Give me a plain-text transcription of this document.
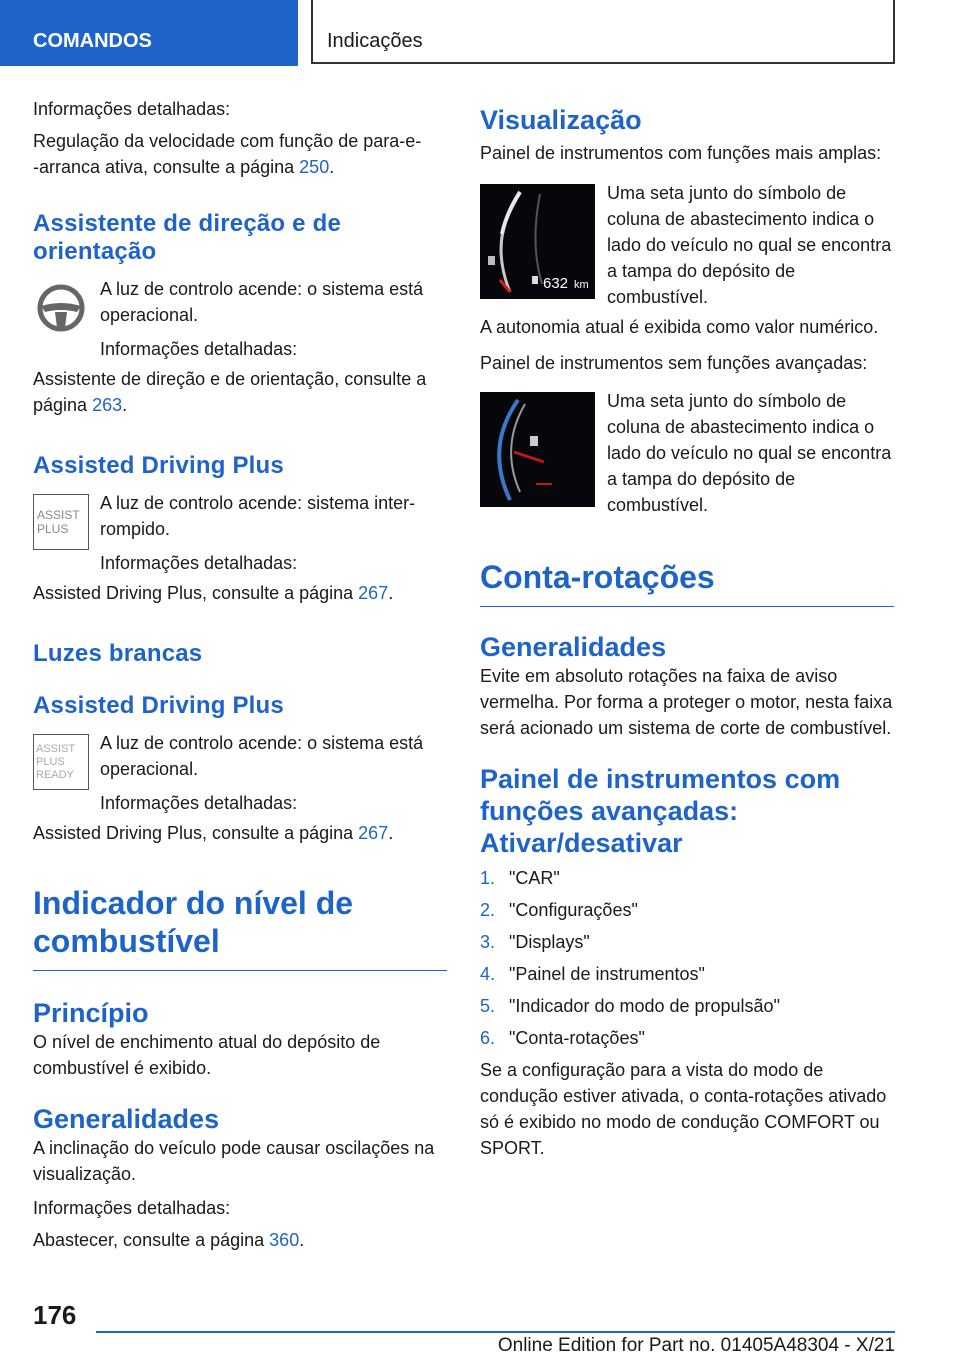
COMANDOS	Indicações

Informações detalhadas:

Regulação da velocidade com função de para-e-
-arranca ativa, consulte a página 250.

Assistente de direção e de orientação

A luz de controlo acende: o sistema está operacional.

Informações detalhadas:

Assistente de direção e de orientação, consulte a página 263.

Assisted Driving Plus
ASSIST PLUS

A luz de controlo acende: sistema inter-
rompido.

Informações detalhadas:

Assisted Driving Plus, consulte a página 267.

Luzes brancas
Assisted Driving Plus
ASSIST PLUS READY

A luz de controlo acende: o sistema está operacional.

Informações detalhadas:

Assisted Driving Plus, consulte a página 267.

Indicador do nível de combustível
Princípio

O nível de enchimento atual do depósito de combustível é exibido.

Generalidades

A inclinação do veículo pode causar oscilações na visualização.

Informações detalhadas:

Abastecer, consulte a página 360.

Visualização

Painel de instrumentos com funções mais amplas:

632 km

Uma seta junto do símbolo de coluna de abastecimento indica o lado do veículo no qual se encontra a tampa do depósito de combustível.

A autonomia atual é exibida como valor numérico.

Painel de instrumentos sem funções avançadas:

Uma seta junto do símbolo de coluna de abastecimento indica o lado do veículo no qual se encontra a tampa do depósito de combustível.

Conta-rotações
Generalidades

Evite em absoluto rotações na faixa de aviso vermelha. Por forma a proteger o motor, nesta faixa será acionado um sistema de corte de combustível.

Painel de instrumentos com funções avançadas: Ativar/desativar
1. "CAR"
2. "Configurações"
3. "Displays"
4. "Painel de instrumentos"
5. "Indicador do modo de propulsão"
6. "Conta-rotações"

Se a configuração para a vista do modo de condução estiver ativada, o conta-rotações ativado só é exibido no modo de condução COMFORT ou SPORT.

176
Online Edition for Part no. 01405A48304 - X/21
